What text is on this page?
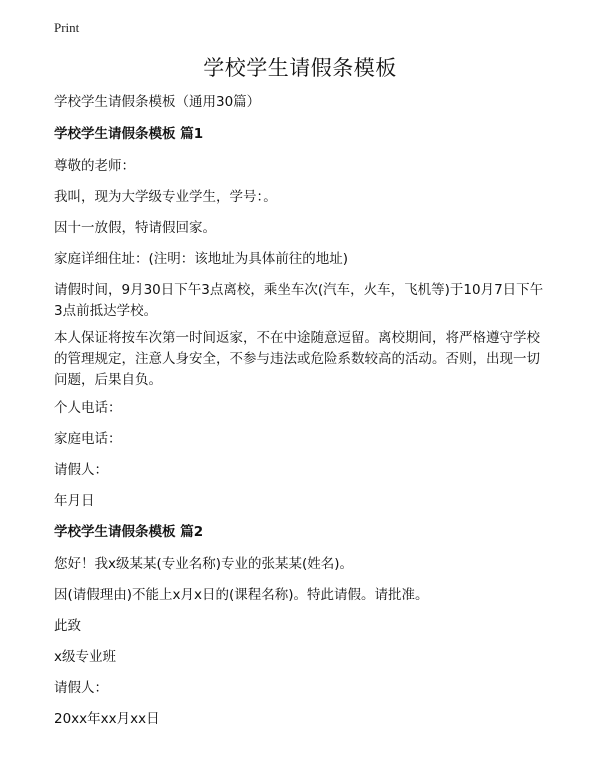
Print
学校学生请假条模板
学校学生请假条模板（通用30篇）
学校学生请假条模板 篇1
尊敬的老师：
我叫，现为大学级专业学生，学号：。
因十一放假，特请假回家。
家庭详细住址：(注明：该地址为具体前往的地址)
请假时间，9月30日下午3点离校，乘坐车次(汽车，火车，飞机等)于10月7日下午3点前抵达学校。
本人保证将按车次第一时间返家，不在中途随意逗留。离校期间，将严格遵守学校的管理规定，注意人身安全，不参与违法或危险系数较高的活动。否则，出现一切问题，后果自负。
个人电话：
家庭电话：
请假人：
年月日
学校学生请假条模板 篇2
您好！我x级某某(专业名称)专业的张某某(姓名)。
因(请假理由)不能上x月x日的(课程名称)。特此请假。请批准。
此致
x级专业班
请假人：
20xx年xx月xx日
